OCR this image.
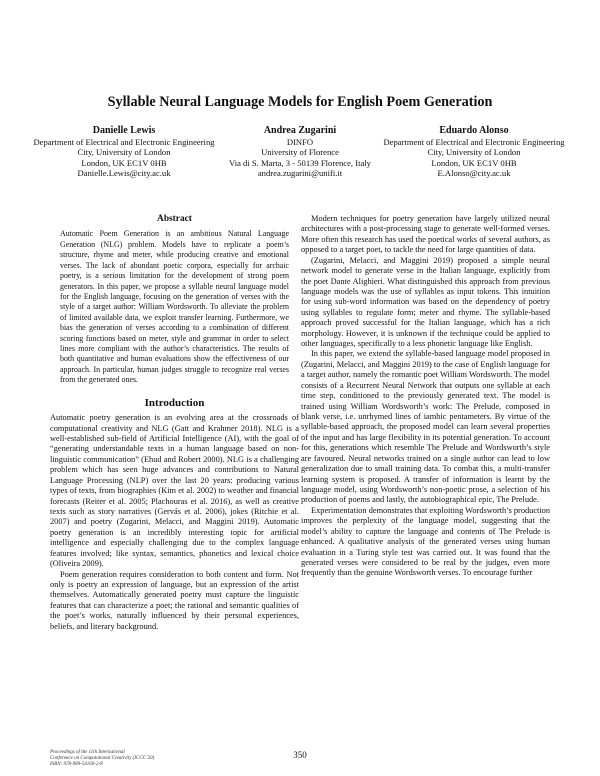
Syllable Neural Language Models for English Poem Generation
Danielle Lewis
Department of Electrical and Electronic Engineering
City, University of London
London, UK EC1V 0HB
Danielle.Lewis@city.ac.uk
Andrea Zugarini
DINFO
University of Florence
Via di S. Marta, 3 - 50139 Florence, Italy
andrea.zugarini@unifi.it
Eduardo Alonso
Department of Electrical and Electronic Engineering
City, University of London
London, UK EC1V 0HB
E.Alonso@city.ac.uk
Abstract

Automatic Poem Generation is an ambitious Natural Language Generation (NLG) problem. Models have to replicate a poem’s structure, rhyme and meter, while producing creative and emotional verses. The lack of abundant poetic corpora, especially for archaic poetry, is a serious limitation for the development of strong poem generators. In this paper, we propose a syllable neural language model for the English language, focusing on the generation of verses with the style of a target author: William Wordsworth. To alleviate the problem of limited available data, we exploit transfer learning. Furthermore, we bias the generation of verses according to a combination of different scoring functions based on meter, style and grammar in order to select lines more compliant with the author’s characteristics. The results of both quantitative and human evaluations show the effectiveness of our approach. In particular, human judges struggle to recognize real verses from the generated ones.

Introduction

Automatic poetry generation is an evolving area at the crossroads of computational creativity and NLG (Gatt and Krahmer 2018). NLG is a well-established sub-field of Artificial Intelligence (AI), with the goal of “generating understandable texts in a human language based on non-linguistic communication” (Ehud and Robert 2000). NLG is a challenging problem which has seen huge advances and contributions to Natural Language Processing (NLP) over the last 20 years: producing various types of texts, from biographies (Kim et al. 2002) to weather and financial forecasts (Reiter et al. 2005; Plachouras et al. 2016), as well as creative texts such as story narratives (Gervás et al. 2006), jokes (Ritchie et al. 2007) and poetry (Zugarini, Melacci, and Maggini 2019). Automatic poetry generation is an incredibly interesting topic for artificial intelligence and especially challenging due to the complex language features involved; like syntax, semantics, phonetics and lexical choice (Oliveira 2009).

Poem generation requires consideration to both content and form. Not only is poetry an expression of language, but an expression of the artist themselves. Automatically generated poetry must capture the linguistic features that can characterize a poet; the rational and semantic qualities of the poet’s works, naturally influenced by their personal experiences, beliefs, and literary background.

Modern techniques for poetry generation have largely utilized neural architectures with a post-processing stage to generate well-formed verses. More often this research has used the poetical works of several authors, as opposed to a target poet, to tackle the need for large quantities of data.

(Zugarini, Melacci, and Maggini 2019) proposed a simple neural network model to generate verse in the Italian language, explicitly from the poet Dante Alighieri. What distinguished this approach from previous language models was the use of syllables as input tokens. This intuition for using sub-word information was based on the dependency of poetry using syllables to regulate form; meter and rhyme. The syllable-based approach proved successful for the Italian language, which has a rich morphology. However, it is unknown if the technique could be applied to other languages, specifically to a less phonetic language like English.

In this paper, we extend the syllable-based language model proposed in (Zugarini, Melacci, and Maggini 2019) to the case of English language for a target author, namely the romantic poet William Wordsworth. The model consists of a Recurrent Neural Network that outputs one syllable at each time step, conditioned to the previously generated text. The model is trained using William Wordsworth’s work: The Prelude, composed in blank verse, i.e. unrhymed lines of iambic pentameters. By virtue of the syllable-based approach, the proposed model can learn several properties of the input and has large flexibility in its potential generation. To account for this, generations which resemble The Prelude and Wordsworth’s style are favoured. Neural networks trained on a single author can lead to low generalization due to small training data. To combat this, a multi-transfer learning system is proposed. A transfer of information is learnt by the language model, using Wordsworth’s non-poetic prose, a selection of his production of poems and lastly, the autobiographical epic, The Prelude.

Experimentation demonstrates that exploiting Wordsworth’s production improves the perplexity of the language model, suggesting that the model’s ability to capture the language and contents of The Prelude is enhanced. A qualitative analysis of the generated verses using human evaluation in a Turing style test was carried out. It was found that the generated verses were considered to be real by the judges, even more frequently than the genuine Wordsworth verses. To encourage further

Proceedings of the 11th International
Conference on Computational Creativity (ICCC’20)
ISBN: 978-989-54160-2-8
350
